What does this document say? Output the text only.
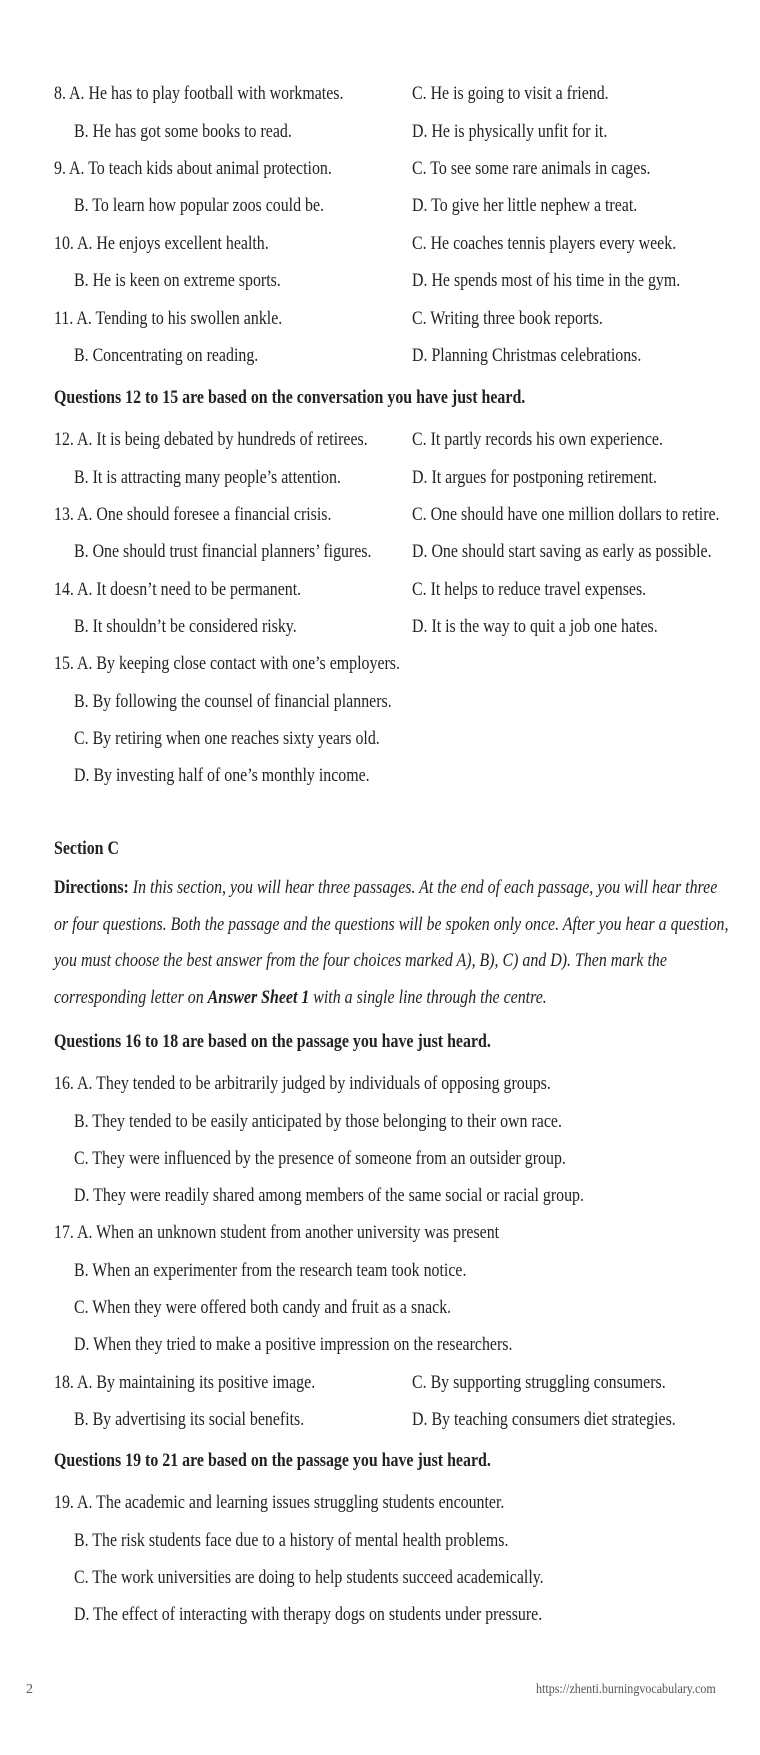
8. A. He has to play football with workmates.	C. He is going to visit a friend.
B. He has got some books to read.	D. He is physically unfit for it.
9. A. To teach kids about animal protection.	C. To see some rare animals in cages.
B. To learn how popular zoos could be.	D. To give her little nephew a treat.
10. A. He enjoys excellent health.	C. He coaches tennis players every week.
B. He is keen on extreme sports.	D. He spends most of his time in the gym.
11. A. Tending to his swollen ankle.	C. Writing three book reports.
B. Concentrating on reading.	D. Planning Christmas celebrations.
Questions 12 to 15 are based on the conversation you have just heard.
12. A. It is being debated by hundreds of retirees. C. It partly records his own experience.
B. It is attracting many people’s attention.	D. It argues for postponing retirement.
13. A. One should foresee a financial crisis.	C. One should have one million dollars to retire.
B. One should trust financial planners’ figures. D. One should start saving as early as possible.
14. A. It doesn’t need to be permanent.	C. It helps to reduce travel expenses.
B. It shouldn’t be considered risky.	D. It is the way to quit a job one hates.
15. A. By keeping close contact with one’s employers.
B. By following the counsel of financial planners.
C. By retiring when one reaches sixty years old.
D. By investing half of one’s monthly income.
Section C
Directions: In this section, you will hear three passages. At the end of each passage, you will hear three or four questions. Both the passage and the questions will be spoken only once. After you hear a question, you must choose the best answer from the four choices marked A), B), C) and D). Then mark the corresponding letter on Answer Sheet 1 with a single line through the centre.
Questions 16 to 18 are based on the passage you have just heard.
16. A. They tended to be arbitrarily judged by individuals of opposing groups.
B. They tended to be easily anticipated by those belonging to their own race.
C. They were influenced by the presence of someone from an outsider group.
D. They were readily shared among members of the same social or racial group.
17. A. When an unknown student from another university was present
B. When an experimenter from the research team took notice.
C. When they were offered both candy and fruit as a snack.
D. When they tried to make a positive impression on the researchers.
18. A. By maintaining its positive image.	C. By supporting struggling consumers.
B. By advertising its social benefits.	D. By teaching consumers diet strategies.
Questions 19 to 21 are based on the passage you have just heard.
19. A. The academic and learning issues struggling students encounter.
B. The risk students face due to a history of mental health problems.
C. The work universities are doing to help students succeed academically.
D. The effect of interacting with therapy dogs on students under pressure.
2	https://zhenti.burningvocabulary.com
